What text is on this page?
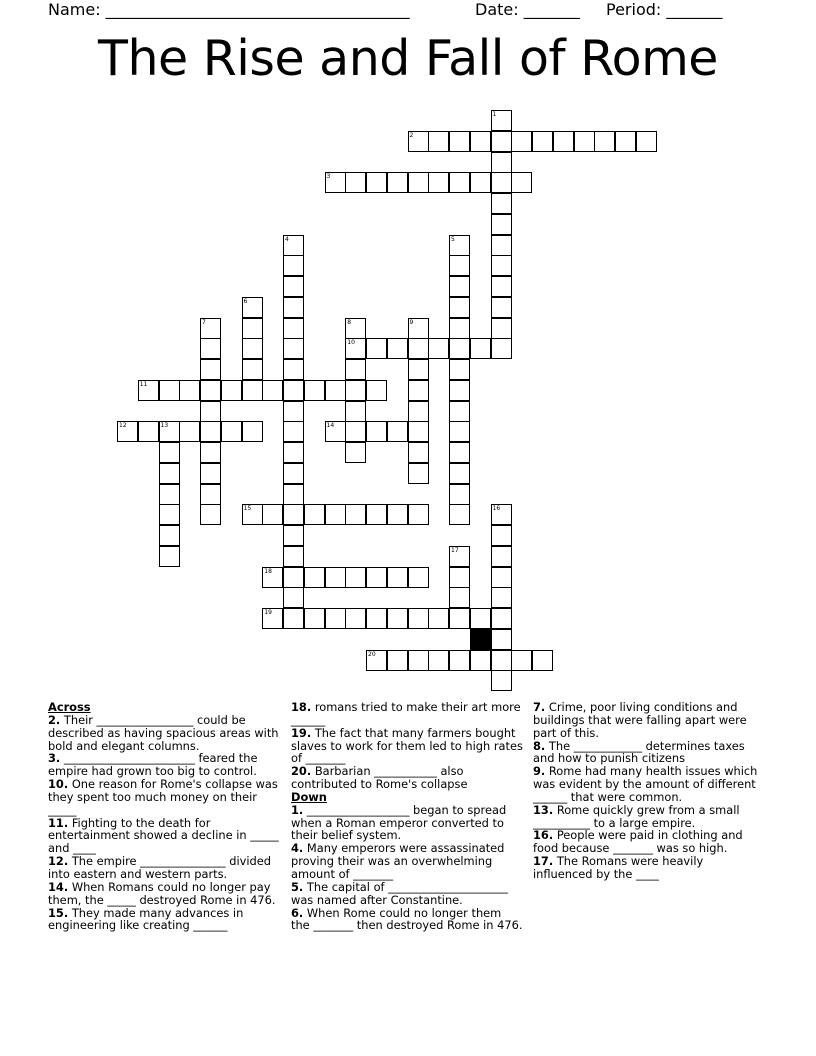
Name: ______________________________________	Date: _______ Period: _______
The Rise and Fall of Rome
1
2
3
4	5
6
7	8	9
10
11
12	13	14
15	16
17
18
19
20

Across

2. Their _________________ could be described as having spacious areas with bold and elegant columns.

3. _______________________ feared the empire had grown too big to control.

10. One reason for Rome's collapse was they spent too much money on their _____

11. Fighting to the death for entertainment showed a decline in _____ and ____

12. The empire _______________ divided into eastern and western parts.

14. When Romans could no longer pay them, the _____ destroyed Rome in 476.

15. They made many advances in engineering like creating ______

18. romans tried to make their art more ______

19. The fact that many farmers bought slaves to work for them led to high rates of _______

20. Barbarian ___________ also contributed to Rome's collapse

Down

1. __________________ began to spread when a Roman emperor converted to their belief system.

4. Many emperors were assassinated proving their was an overwhelming amount of _______

5. The capital of _____________________ was named after Constantine.

6. When Rome could no longer them the _______ then destroyed Rome in 476.

7. Crime, poor living conditions and buildings that were falling apart were part of this.

8. The ____________ determines taxes and how to punish citizens

9. Rome had many health issues which was evident by the amount of different ______ that were common.

13. Rome quickly grew from a small __________ to a large empire.

16. People were paid in clothing and food because _______ was so high.

17. The Romans were heavily influenced by the ____
